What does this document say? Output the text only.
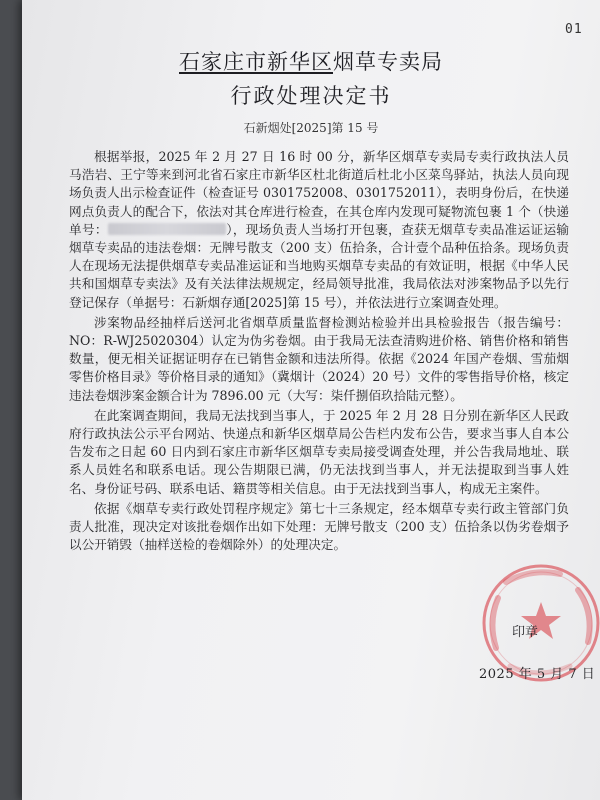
01
石家庄市新华区烟草专卖局
行政处理决定书
石新烟处[2025]第 15 号

根据举报，2025 年 2 月 27 日 16 时 00 分，新华区烟草专卖局专卖行政执法人员马浩岩、王宁等来到河北省石家庄市新华区杜北街道后杜北小区菜鸟驿站，执法人员向现场负责人出示检查证件（检查证号 0301752008、0301752011），表明身份后，在快递网点负责人的配合下，依法对其仓库进行检查，在其仓库内发现可疑物流包裹 1 个（快递单号：	），现场负责人当场打开包裹，查获无烟草专卖品准运证运输烟草专卖品的违法卷烟：无牌号散支（200 支）伍拾条，合计壹个品种伍拾条。现场负责人在现场无法提供烟草专卖品准运证和当地购买烟草专卖品的有效证明，根据《中华人民共和国烟草专卖法》及有关法律法规规定，经局领导批准，我局依法对涉案物品予以先行登记保存（单据号：石新烟存通[2025]第 15 号），并依法进行立案调查处理。

涉案物品经抽样后送河北省烟草质量监督检测站检验并出具检验报告（报告编号：NO：R-WJ25020304）认定为伪劣卷烟。由于我局无法查清购进价格、销售价格和销售数量，便无相关证据证明存在已销售金额和违法所得。依据《2024 年国产卷烟、雪茄烟零售价格目录》等价格目录的通知》（冀烟计（2024）20 号）文件的零售指导价格，核定违法卷烟涉案金额合计为 7896.00 元（大写：柒仟捌佰玖拾陆元整）。

在此案调查期间，我局无法找到当事人，于 2025 年 2 月 28 日分别在新华区人民政府行政执法公示平台网站、快递点和新华区烟草局公告栏内发布公告，要求当事人自本公告发布之日起 60 日内到石家庄市新华区烟草专卖局接受调查处理，并公告我局地址、联系人员姓名和联系电话。现公告期限已满，仍无法找到当事人，并无法提取到当事人姓名、身份证号码、联系电话、籍贯等相关信息。由于无法找到当事人，构成无主案件。

依据《烟草专卖行政处罚程序规定》第七十三条规定，经本烟草专卖行政主管部门负责人批准，现决定对该批卷烟作出如下处理：无牌号散支（200 支）伍拾条以伪劣卷烟予以公开销毁（抽样送检的卷烟除外）的处理决定。

印章
2025 年 5 月 7 日
